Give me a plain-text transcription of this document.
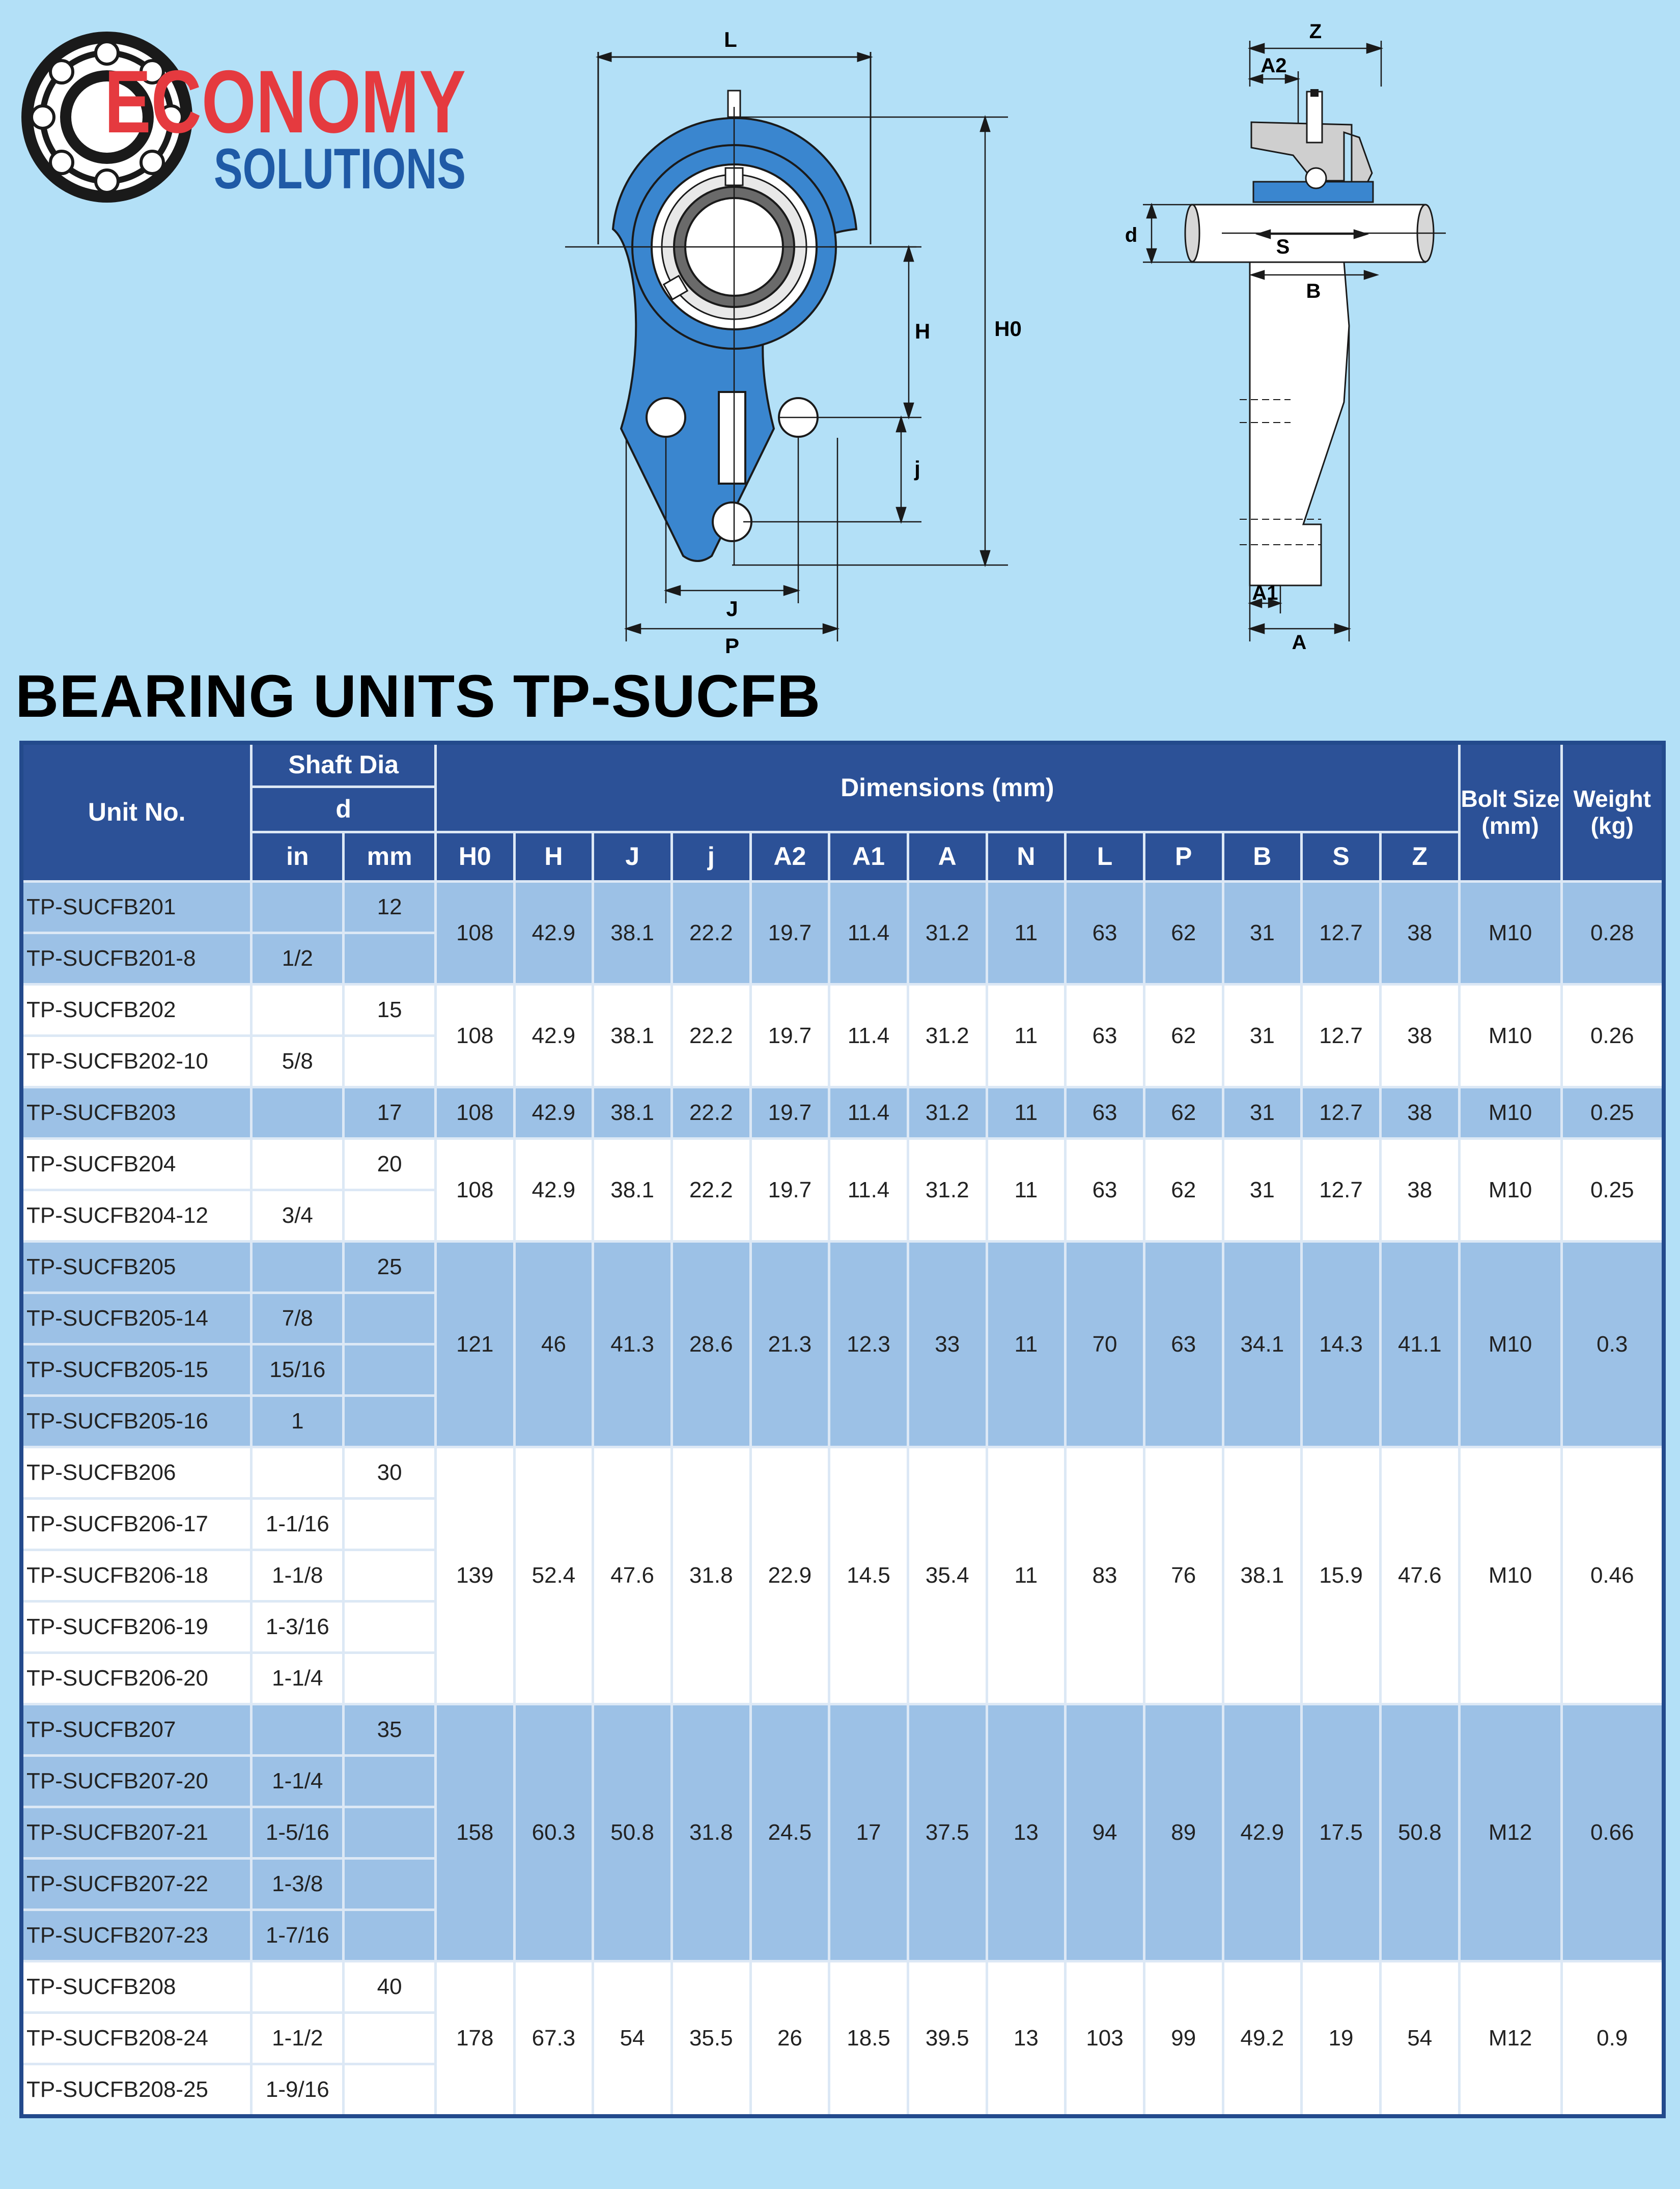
ECONOMY
SOLUTIONS
L
H0
H
j
J
P
Z
A2
d
S
B
A1
A
BEARING UNITS TP-SUCFB
Unit No.	Shaft Dia		Dimensions (mm)													Bolt Size (mm)	Weight (kg)
	d																
	in	mm	H0	H	J	j	A2	A1	A	N	L	P	B	S	Z		
TP-SUCFB201		12	108	42.9	38.1	22.2	19.7	11.4	31.2	11	63	62	31	12.7	38	M10	0.28
TP-SUCFB201-8	1/2																
TP-SUCFB202		15	108	42.9	38.1	22.2	19.7	11.4	31.2	11	63	62	31	12.7	38	M10	0.26
TP-SUCFB202-10	5/8																
TP-SUCFB203		17	108	42.9	38.1	22.2	19.7	11.4	31.2	11	63	62	31	12.7	38	M10	0.25
TP-SUCFB204		20	108	42.9	38.1	22.2	19.7	11.4	31.2	11	63	62	31	12.7	38	M10	0.25
TP-SUCFB204-12	3/4																
TP-SUCFB205		25	121	46	41.3	28.6	21.3	12.3	33	11	70	63	34.1	14.3	41.1	M10	0.3
TP-SUCFB205-14	7/8																
TP-SUCFB205-15	15/16																
TP-SUCFB205-16	1																
TP-SUCFB206		30	139	52.4	47.6	31.8	22.9	14.5	35.4	11	83	76	38.1	15.9	47.6	M10	0.46
TP-SUCFB206-17	1-1/16																
TP-SUCFB206-18	1-1/8																
TP-SUCFB206-19	1-3/16																
TP-SUCFB206-20	1-1/4																
TP-SUCFB207		35	158	60.3	50.8	31.8	24.5	17	37.5	13	94	89	42.9	17.5	50.8	M12	0.66
TP-SUCFB207-20	1-1/4																
TP-SUCFB207-21	1-5/16																
TP-SUCFB207-22	1-3/8																
TP-SUCFB207-23	1-7/16																
TP-SUCFB208		40	178	67.3	54	35.5	26	18.5	39.5	13	103	99	49.2	19	54	M12	0.9
TP-SUCFB208-24	1-1/2																
TP-SUCFB208-25	1-9/16																
